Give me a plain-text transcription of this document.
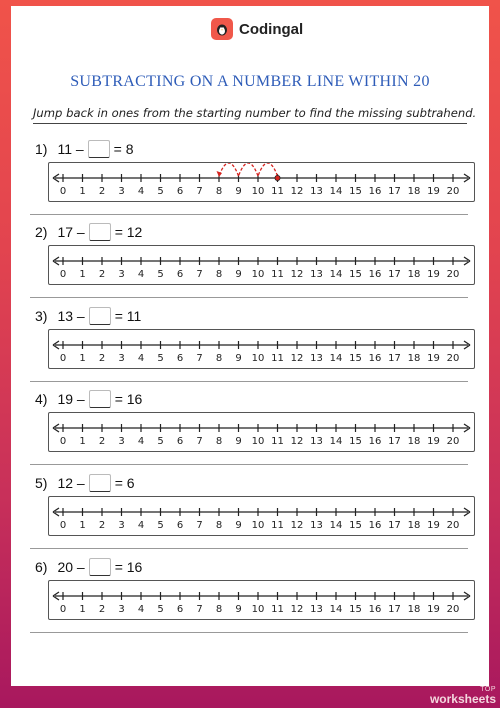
Codingal
SUBTRACTING ON A NUMBER LINE WITHIN 20
Jump back in ones from the starting number to find the missing subtrahend.
1) 11 – = 8
0 1 2 3 4 5 6 7 8 9 10 11 12 13 14 15 16 17 18 19 20
2) 17 – = 12
0 1 2 3 4 5 6 7 8 9 10 11 12 13 14 15 16 17 18 19 20
3) 13 – = 11
0 1 2 3 4 5 6 7 8 9 10 11 12 13 14 15 16 17 18 19 20
4) 19 – = 16
0 1 2 3 4 5 6 7 8 9 10 11 12 13 14 15 16 17 18 19 20
5) 12 – = 6
0 1 2 3 4 5 6 7 8 9 10 11 12 13 14 15 16 17 18 19 20
6) 20 – = 16
0 1 2 3 4 5 6 7 8 9 10 11 12 13 14 15 16 17 18 19 20
TOP
worksheets
